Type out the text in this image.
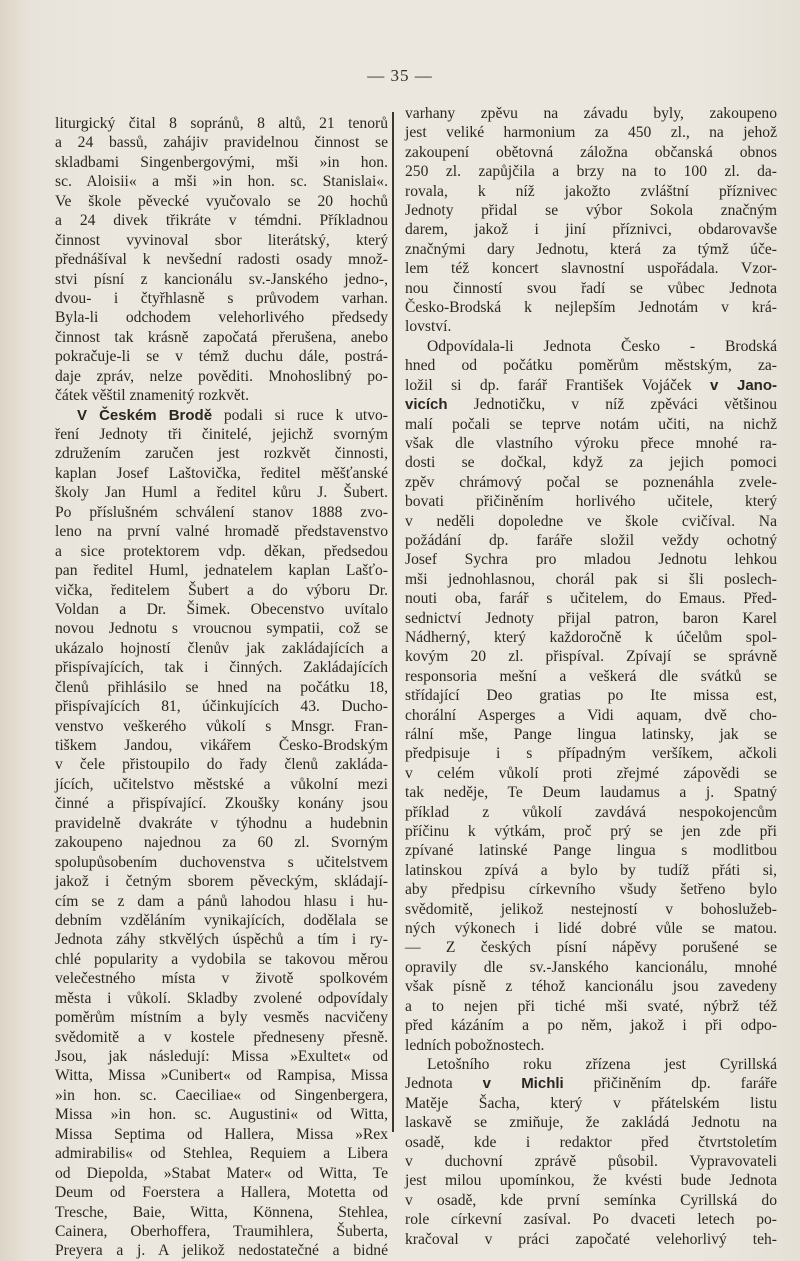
— 35 —
liturgický čital 8 sopránů, 8 altů, 21 tenorů
a 24 bassů, zahájiv pravidelnou činnost se
skladbami Singenbergovými, mši »in hon.
sc. Aloisii« a mši »in hon. sc. Stanislai«.
Ve škole pěvecké vyučovalo se 20 hochů
a 24 divek třikráte v témdni. Příkladnou
činnost vyvinoval sbor literátský, který
přednášíval k nevšední radosti osady množ-
stvi písní z kancionálu sv.-Janského jedno-,
dvou- i čtyřhlasně s průvodem varhan.
Byla-li odchodem velehorlivého předsedy
činnost tak krásně započatá přerušena, anebo
pokračuje-li se v témž duchu dále, postrá-
daje zpráv, nelze pověditi. Mnohoslibný po-
čátek věštil znamenitý rozkvět.
V Českém Brodě podali si ruce k utvo-
ření Jednoty tři činitelé, jejichž svorným
združením zaručen jest rozkvět činnosti,
kaplan Josef Laštovička, ředitel měšťanské
školy Jan Huml a ředitel kůru J. Šubert.
Po příslušném schválení stanov 1888 zvo-
leno na první valné hromadě představenstvo
a sice protektorem vdp. děkan, předsedou
pan ředitel Huml, jednatelem kaplan Lašťo-
vička, ředitelem Šubert a do výboru Dr.
Voldan a Dr. Šimek. Obecenstvo uvítalo
novou Jednotu s vroucnou sympatii, což se
ukázalo hojností členův jak zakládajících a
přispívajících, tak i činných. Zakládajících
členů přihlásilo se hned na počátku 18,
přispívajících 81, účinkujících 43. Ducho-
venstvo veškerého vůkolí s Mnsgr. Fran-
tiškem Jandou, vikářem Česko-Brodským
v čele přistoupilo do řady členů zakláda-
jících, učitelstvo městské a vůkolní mezi
činné a přispívající. Zkoušky konány jsou
pravidelně dvakráte v týhodnu a hudebnin
zakoupeno najednou za 60 zl. Svorným
spolupůsobením duchovenstva s učitelstvem
jakož i četným sborem pěveckým, skládají-
cím se z dam a pánů lahodou hlasu i hu-
debním vzděláním vynikajících, dodělala se
Jednota záhy stkvělých úspěchů a tím i ry-
chlé popularity a vydobila se takovou měrou
velečestného místa v životě spolkovém
města i vůkolí. Skladby zvolené odpovídaly
poměrům místním a byly vesměs nacvičeny
svědomitě a v kostele předneseny přesně.
Jsou, jak následují: Missa »Exultet« od
Witta, Missa »Cunibert« od Rampisa, Missa
»in hon. sc. Caeciliae« od Singenbergera,
Missa »in hon. sc. Augustini« od Witta,
Missa Septima od Hallera, Missa »Rex
admirabilis« od Stehlea, Requiem a Libera
od Diepolda, »Stabat Mater« od Witta, Te
Deum od Foerstera a Hallera, Motetta od
Tresche, Baie, Witta, Könnena, Stehlea,
Cainera, Oberhoffera, Traumihlera, Šuberta,
Preyera a j. A jelikož nedostatečné a bidné
varhany zpěvu na závadu byly, zakoupeno
jest veliké harmonium za 450 zl., na jehož
zakoupení obětovná záložna občanská obnos
250 zl. zapůjčila a brzy na to 100 zl. da-
rovala, k níž jakožto zvláštní příznivec
Jednoty přidal se výbor Sokola značným
darem, jakož i jiní příznivci, obdarovavše
značnými dary Jednotu, která za týmž úče-
lem též koncert slavnostní uspořádala. Vzor-
nou činností svou řadí se vůbec Jednota
Česko-Brodská k nejlepším Jednotám v krá-
lovství.
Odpovídala-li Jednota Česko - Brodská
hned od počátku poměrům městským, za-
ložil si dp. farář František Vojáček v Jano-
vicích Jednotičku, v níž zpěváci většinou
malí počali se teprve notám učiti, na nichž
však dle vlastního výroku přece mnohé ra-
dosti se dočkal, když za jejich pomoci
zpěv chrámový počal se poznenáhla zvele-
bovati přičiněním horlivého učitele, který
v neděli dopoledne ve škole cvičíval. Na
požádání dp. faráře složil veždy ochotný
Josef Sychra pro mladou Jednotu lehkou
mši jednohlasnou, chorál pak si šli poslech-
nouti oba, farář s učitelem, do Emaus. Před-
sednictví Jednoty přijal patron, baron Karel
Nádherný, který každoročně k účelům spol-
kovým 20 zl. přispíval. Zpívají se správně
responsoria mešní a veškerá dle svátků se
střídající Deo gratias po Ite missa est,
chorální Asperges a Vidi aquam, dvě cho-
rální mše, Pange lingua latinsky, jak se
předpisuje i s případným veršíkem, ačkoli
v celém vůkolí proti zřejmé zápovědi se
tak neděje, Te Deum laudamus a j. Spatný
příklad z vůkolí zavdává nespokojencům
příčinu k výtkám, proč prý se jen zde při
zpívané latinské Pange lingua s modlitbou
latinskou zpívá a bylo by tudíž přáti si,
aby předpisu církevního všudy šetřeno bylo
svědomitě, jelikož nestejností v bohoslužeb-
ných výkonech i lidé dobré vůle se matou.
— Z českých písní nápěvy porušené se
opravily dle sv.-Janského kancionálu, mnohé
však písně z téhož kancionálu jsou zavedeny
a to nejen při tiché mši svaté, nýbrž též
před kázáním a po něm, jakož i při odpo-
ledních pobožnostech.
Letošního roku zřízena jest Cyrillská
Jednota v Michli přičiněním dp. faráře
Matěje Šacha, který v přátelském listu
laskavě se zmiňuje, že zakládá Jednotu na
osadě, kde i redaktor před čtvrtstoletím
v duchovní zprávě působil. Vypravovateli
jest milou upomínkou, že kvésti bude Jednota
v osadě, kde první semínka Cyrillská do
role církevní zasíval. Po dvaceti letech po-
kračoval v práci započaté velehorlivý teh-
